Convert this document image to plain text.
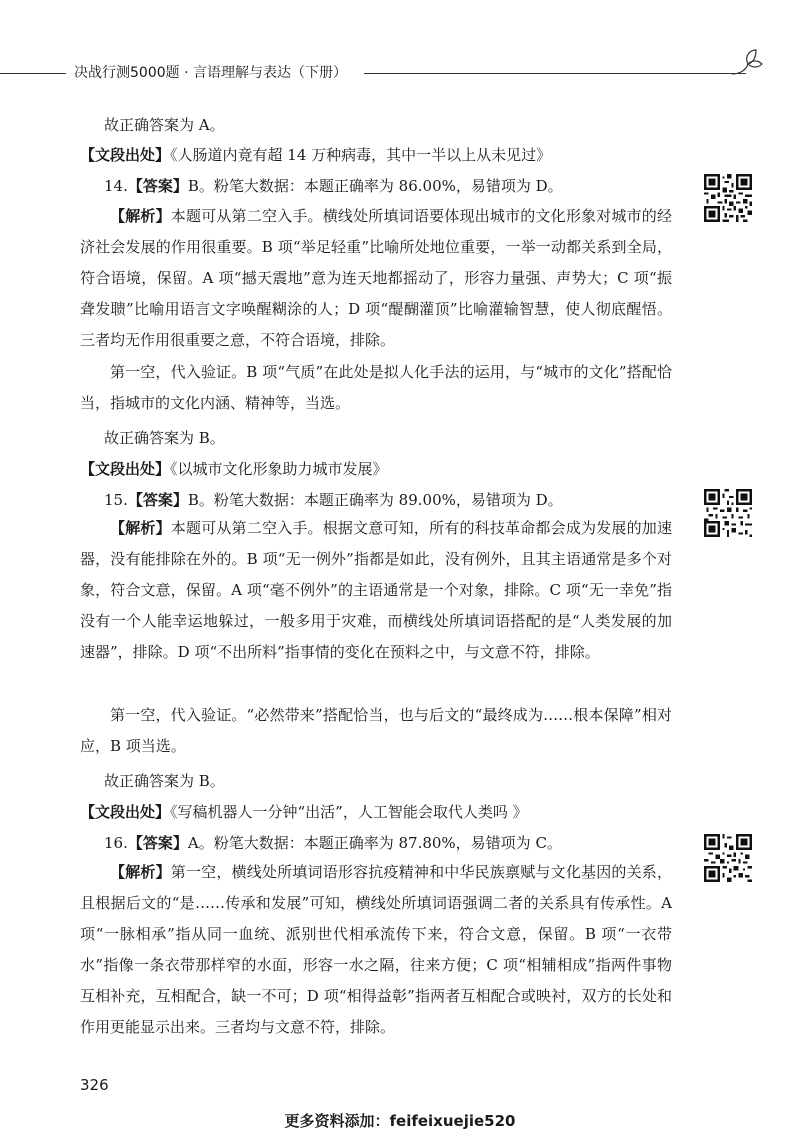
决战行测5000题 · 言语理解与表达（下册）
故正确答案为 A。
【文段出处】《人肠道内竟有超 14 万种病毒，其中一半以上从未见过》
14.【答案】B。粉笔大数据：本题正确率为 86.00%，易错项为 D。

【解析】本题可从第二空入手。横线处所填词语要体现出城市的文化形象对城市的经济社会发展的作用很重要。B 项“举足轻重”比喻所处地位重要，一举一动都关系到全局，符合语境，保留。A 项“撼天震地”意为连天地都摇动了，形容力量强、声势大；C 项“振聋发聩”比喻用语言文字唤醒糊涂的人；D 项“醍醐灌顶”比喻灌输智慧，使人彻底醒悟。三者均无作用很重要之意，不符合语境，排除。

第一空，代入验证。B 项“气质”在此处是拟人化手法的运用，与“城市的文化”搭配恰当，指城市的文化内涵、精神等，当选。

故正确答案为 B。
【文段出处】《以城市文化形象助力城市发展》
15.【答案】B。粉笔大数据：本题正确率为 89.00%，易错项为 D。

【解析】本题可从第二空入手。根据文意可知，所有的科技革命都会成为发展的加速器，没有能排除在外的。B 项“无一例外”指都是如此，没有例外，且其主语通常是多个对象，符合文意，保留。A 项“毫不例外”的主语通常是一个对象，排除。C 项“无一幸免”指没有一个人能幸运地躲过，一般多用于灾难，而横线处所填词语搭配的是“人类发展的加速器”，排除。D 项“不出所料”指事情的变化在预料之中，与文意不符，排除。

第一空，代入验证。“必然带来”搭配恰当，也与后文的“最终成为……根本保障”相对应，B 项当选。

故正确答案为 B。
【文段出处】《写稿机器人一分钟“出活”，人工智能会取代人类吗 》
16.【答案】A。粉笔大数据：本题正确率为 87.80%，易错项为 C。

【解析】第一空，横线处所填词语形容抗疫精神和中华民族禀赋与文化基因的关系，且根据后文的“是……传承和发展”可知，横线处所填词语强调二者的关系具有传承性。A 项“一脉相承”指从同一血统、派别世代相承流传下来，符合文意，保留。B 项“一衣带水”指像一条衣带那样窄的水面，形容一水之隔，往来方便；C 项“相辅相成”指两件事物互相补充，互相配合，缺一不可；D 项“相得益彰”指两者互相配合或映衬，双方的长处和作用更能显示出来。三者均与文意不符，排除。

326
更多资料添加：feifeixuejie520
